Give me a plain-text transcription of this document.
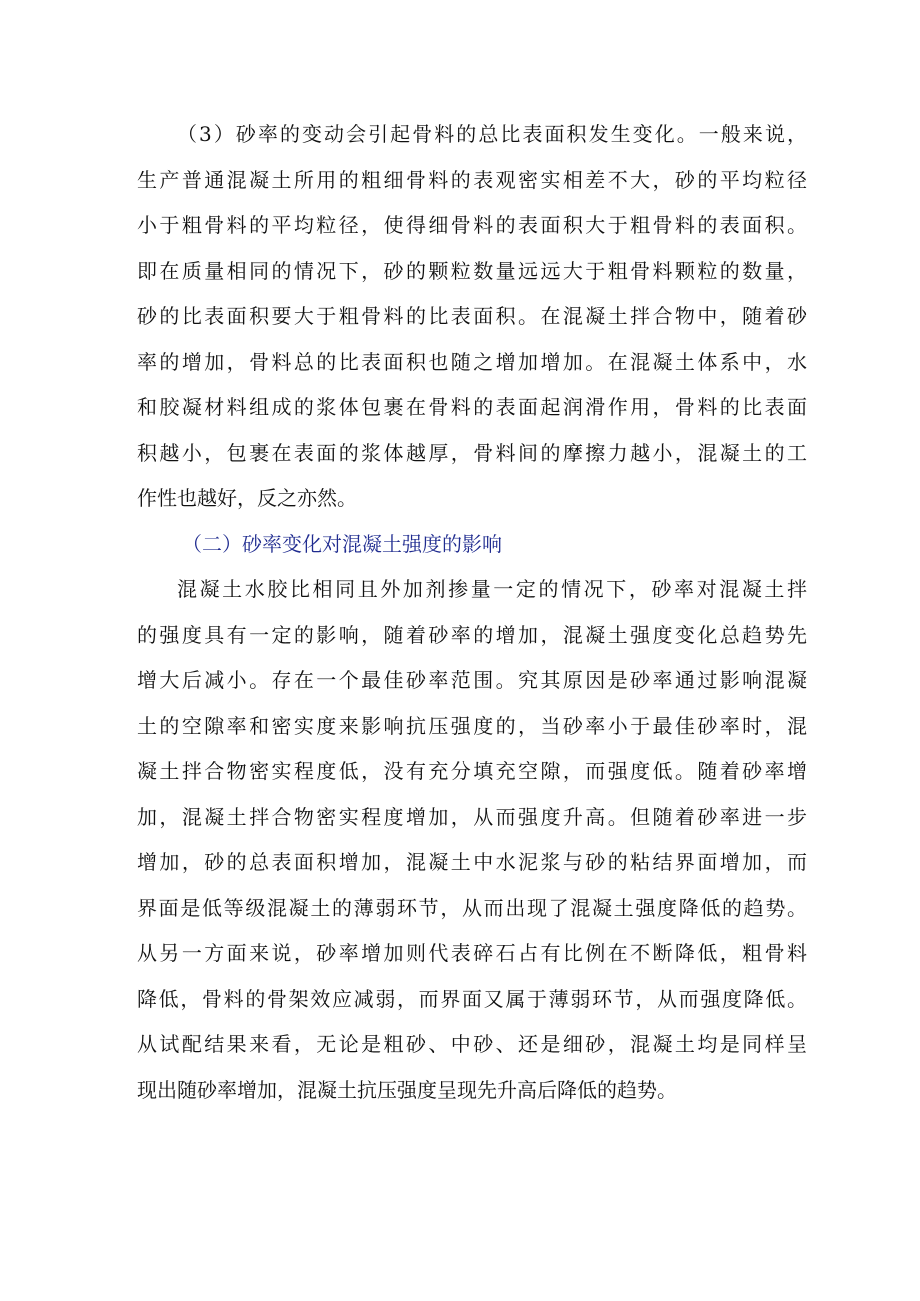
（3）砂率的变动会引起骨料的总比表面积发生变化。一般来说，
生产普通混凝土所用的粗细骨料的表观密实相差不大，砂的平均粒径
小于粗骨料的平均粒径，使得细骨料的表面积大于粗骨料的表面积。
即在质量相同的情况下，砂的颗粒数量远远大于粗骨料颗粒的数量，
砂的比表面积要大于粗骨料的比表面积。在混凝土拌合物中，随着砂
率的增加，骨料总的比表面积也随之增加增加。在混凝土体系中，水
和胶凝材料组成的浆体包裹在骨料的表面起润滑作用，骨料的比表面
积越小，包裹在表面的浆体越厚，骨料间的摩擦力越小，混凝土的工
作性也越好，反之亦然。
（二）砂率变化对混凝土强度的影响
混凝土水胶比相同且外加剂掺量一定的情况下，砂率对混凝土拌
的强度具有一定的影响，随着砂率的增加，混凝土强度变化总趋势先
增大后减小。存在一个最佳砂率范围。究其原因是砂率通过影响混凝
土的空隙率和密实度来影响抗压强度的，当砂率小于最佳砂率时，混
凝土拌合物密实程度低，没有充分填充空隙，而强度低。随着砂率增
加，混凝土拌合物密实程度增加，从而强度升高。但随着砂率进一步
增加，砂的总表面积增加，混凝土中水泥浆与砂的粘结界面增加，而
界面是低等级混凝土的薄弱环节，从而出现了混凝土强度降低的趋势。
从另一方面来说，砂率增加则代表碎石占有比例在不断降低，粗骨料
降低，骨料的骨架效应减弱，而界面又属于薄弱环节，从而强度降低。
从试配结果来看，无论是粗砂、中砂、还是细砂，混凝土均是同样呈
现出随砂率增加，混凝土抗压强度呈现先升高后降低的趋势。
